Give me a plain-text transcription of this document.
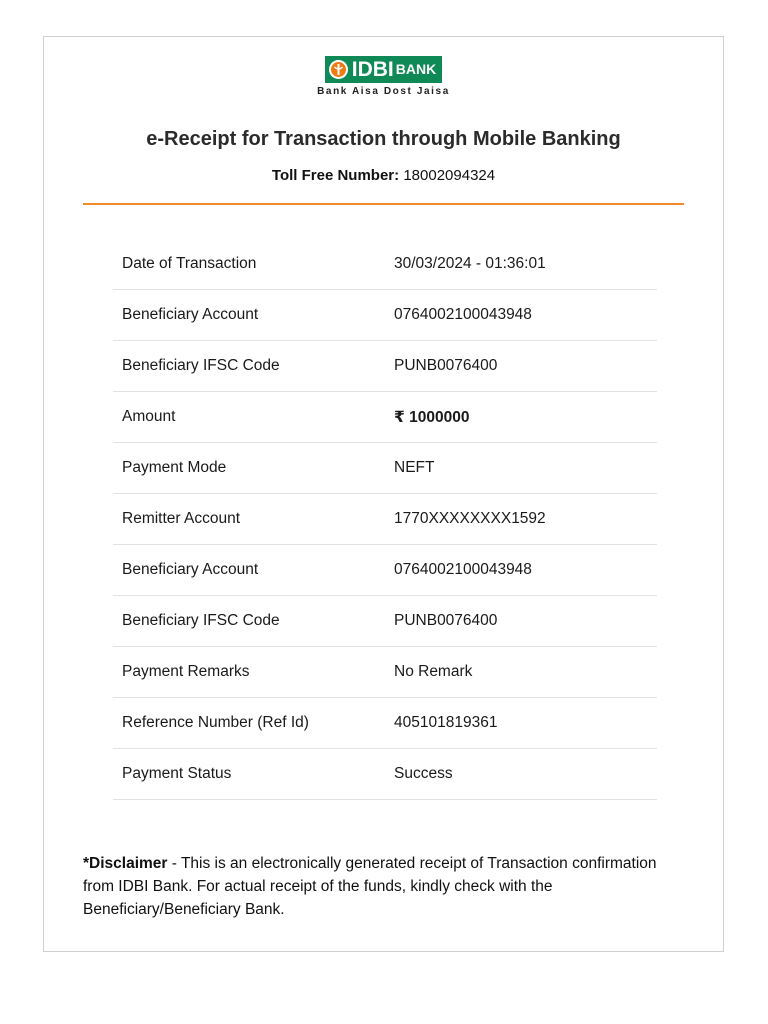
IDBI BANK
Bank Aisa Dost Jaisa
e-Receipt for Transaction through Mobile Banking
Toll Free Number: 18002094324
Date of Transaction	30/03/2024 - 01:36:01
Beneficiary Account	0764002100043948
Beneficiary IFSC Code	PUNB0076400
Amount	₹ 1000000
Payment Mode	NEFT
Remitter Account	1770XXXXXXXX1592
Beneficiary Account	0764002100043948
Beneficiary IFSC Code	PUNB0076400
Payment Remarks	No Remark
Reference Number (Ref Id)	405101819361
Payment Status	Success
*Disclaimer - This is an electronically generated receipt of Transaction confirmation from IDBI Bank. For actual receipt of the funds, kindly check with the Beneficiary/Beneficiary Bank.
